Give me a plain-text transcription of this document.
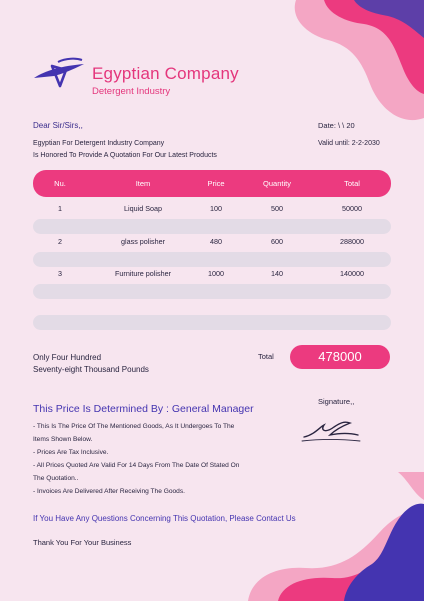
Egyptian Company
Detergent Industry
Dear Sir/Sirs,,	Date: \ \ 20
Egyptian For Detergent Industry Company
Is Honored To Provide A Quotation For Our Latest Products
Valid until: 2-2-2030
Nu.	Item	Price	Quantity	Total
1	Liquid Soap	100	500	50000
2	glass polisher	480	600	288000
3	Furniture polisher	1000	140	140000
Only Four Hundred
Seventy-eight Thousand Pounds
Total	478000
This Price Is Determined By : General Manager
Signature,,
- This Is The Price Of The Mentioned Goods, As It Undergoes To The
Items Shown Below.
- Prices Are Tax Inclusive.
- All Prices Quoted Are Valid For 14 Days From The Date Of Stated On
The Quotation..
- Invoices Are Delivered After Receiving The Goods.
If You Have Any Questions Concerning This Quotation, Please Contact Us
Thank You For Your Business
